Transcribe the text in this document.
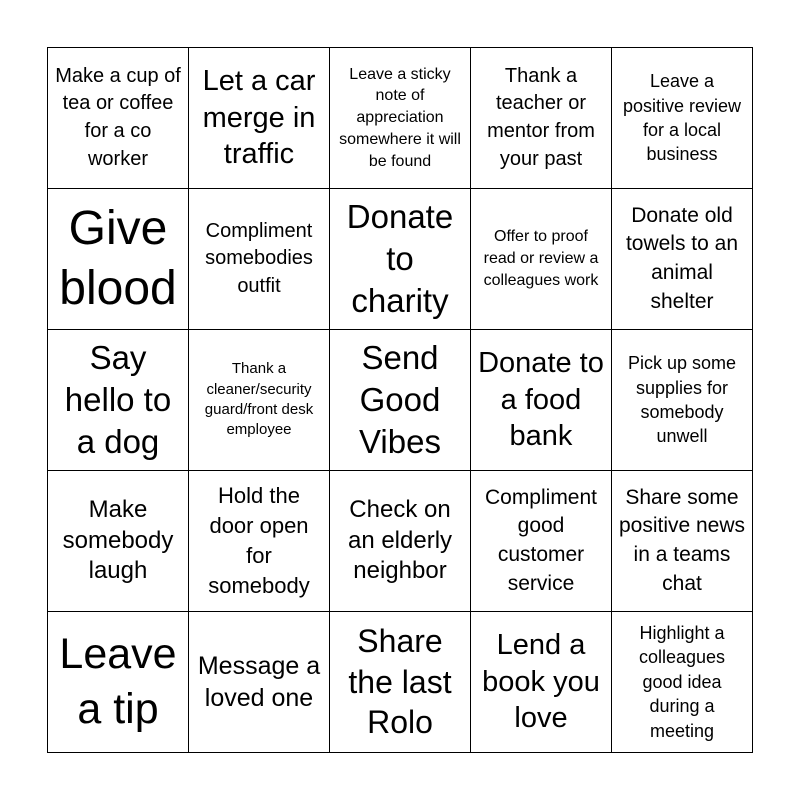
Make a cup of tea or coffee for a co worker
Let a car merge in traffic
Leave a sticky note of appreciation somewhere it will be found
Thank a teacher or mentor from your past
Leave a positive review for a local business
Give blood
Compliment somebodies outfit
Donate to charity
Offer to proof read or review a colleagues work
Donate old towels to an animal shelter
Say hello to a dog
Thank a cleaner/security guard/front desk employee
Send Good Vibes
Donate to a food bank
Pick up some supplies for somebody unwell
Make somebody laugh
Hold the door open for somebody
Check on an elderly neighbor
Compliment good customer service
Share some positive news in a teams chat
Leave a tip
Message a loved one
Share the last Rolo
Lend a book you love
Highlight a colleagues good idea during a meeting
